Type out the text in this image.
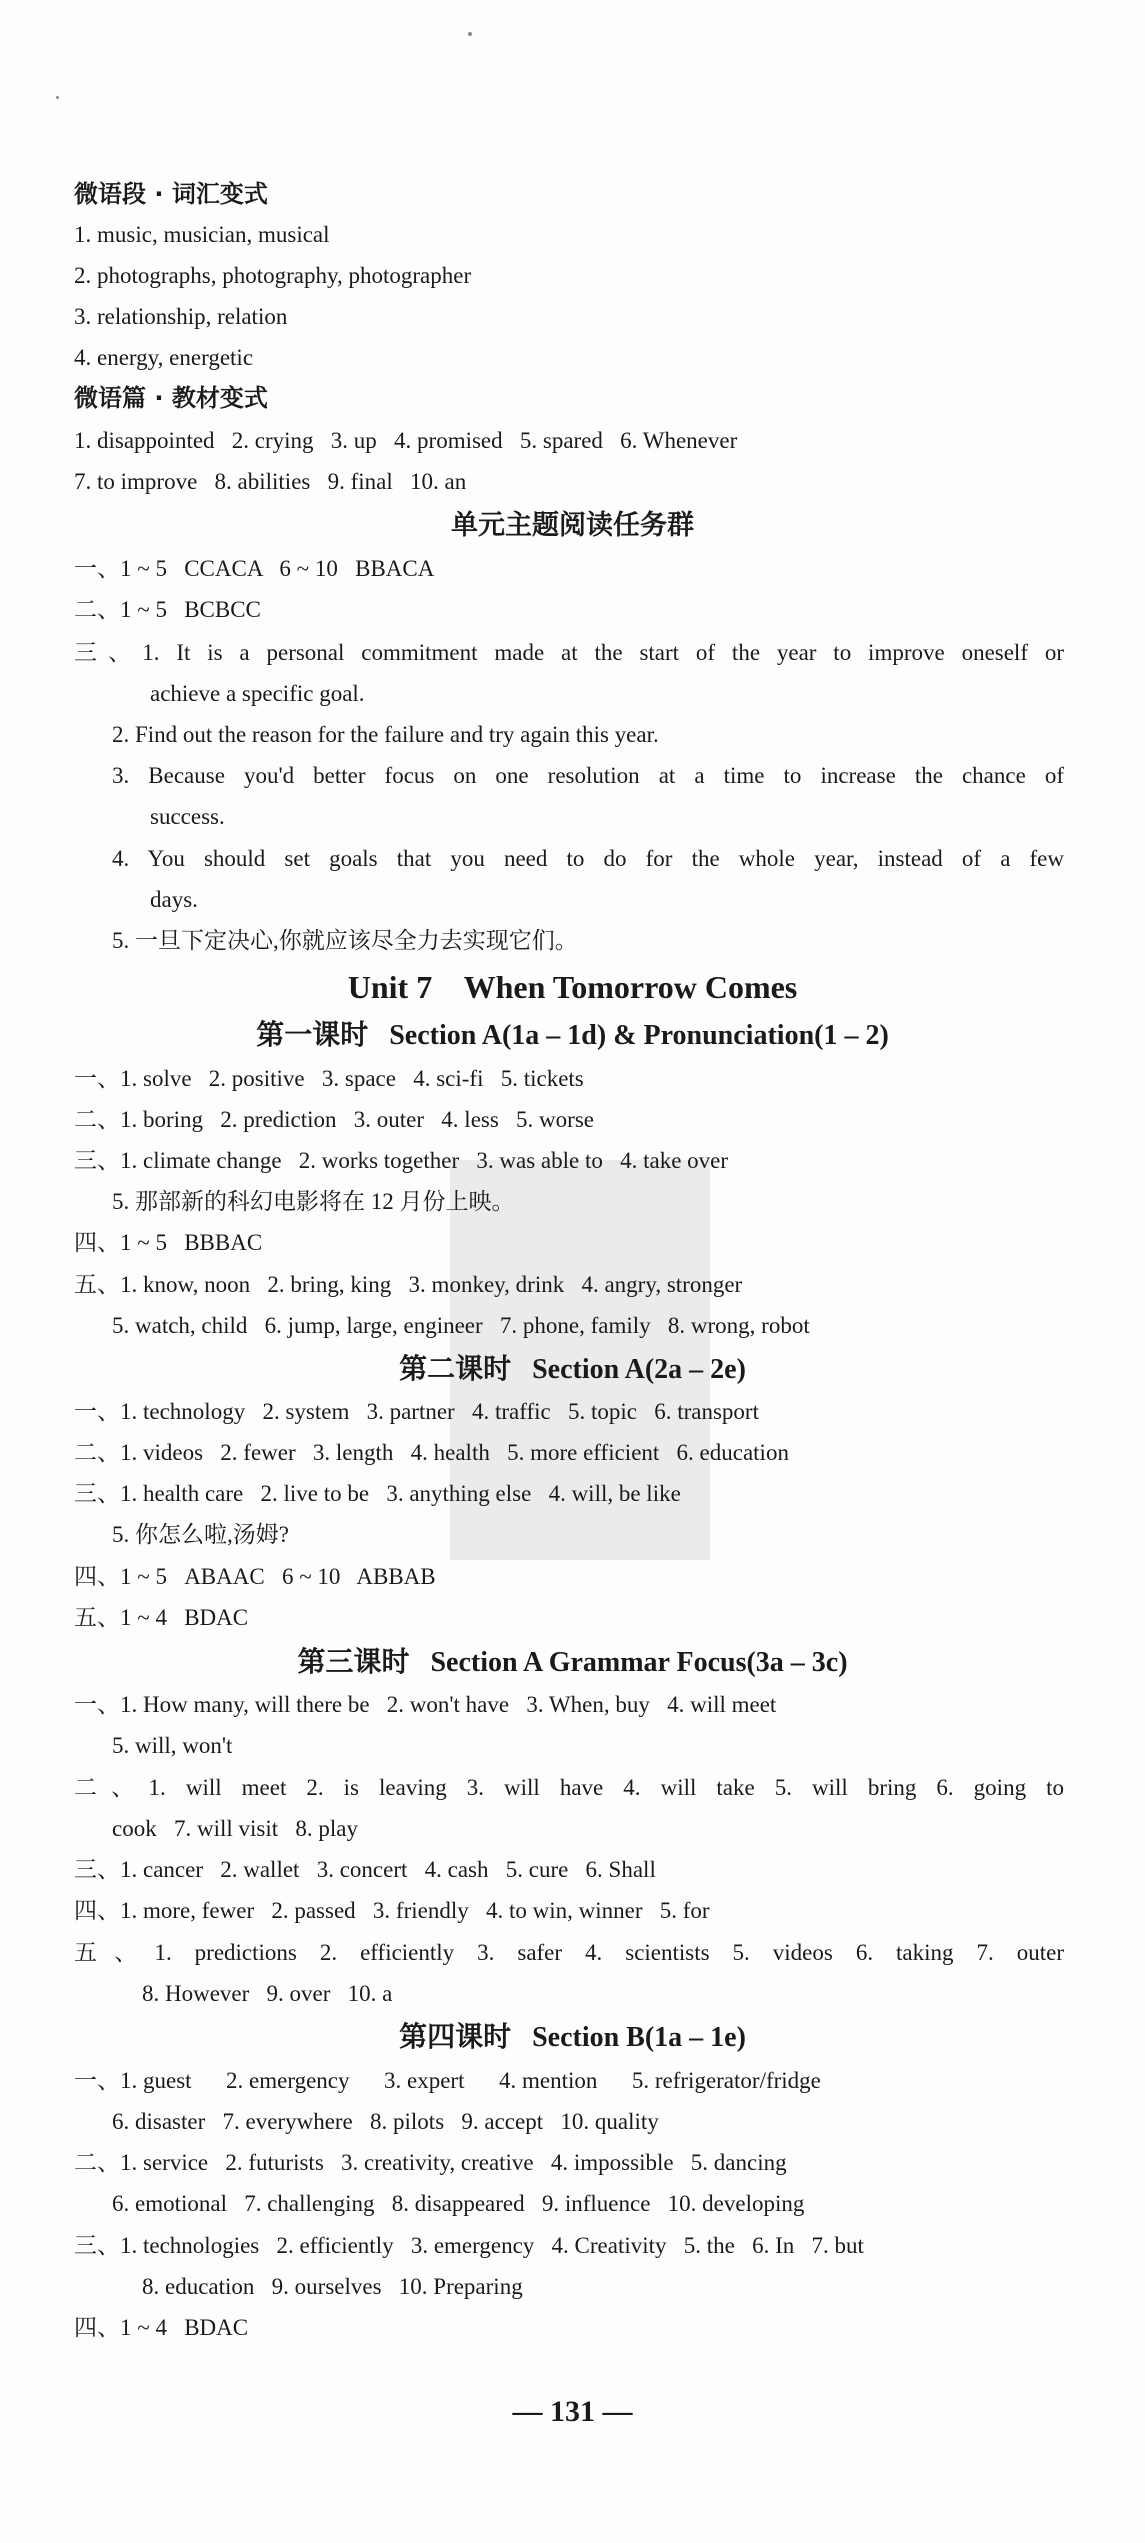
微语段 · 词汇变式
1. music, musician, musical
2. photographs, photography, photographer
3. relationship, relation
4. energy, energetic
微语篇 · 教材变式
1. disappointed   2. crying   3. up   4. promised   5. spared   6. Whenever
7. to improve   8. abilities   9. final   10. an
单元主题阅读任务群
一、1 ~ 5   CCACA   6 ~ 10   BBACA
二、1 ~ 5   BCBCC
三、1. It is a personal commitment made at the start of the year to improve oneself or
achieve a specific goal.
2. Find out the reason for the failure and try again this year.
3. Because you'd better focus on one resolution at a time to increase the chance of
success.
4. You should set goals that you need to do for the whole year, instead of a few
days.
5. 一旦下定决心,你就应该尽全力去实现它们。
Unit 7    When Tomorrow Comes
第一课时   Section A(1a – 1d) & Pronunciation(1 – 2)
一、1. solve   2. positive   3. space   4. sci-fi   5. tickets
二、1. boring   2. prediction   3. outer   4. less   5. worse
三、1. climate change   2. works together   3. was able to   4. take over
5. 那部新的科幻电影将在 12 月份上映。
四、1 ~ 5   BBBAC
五、1. know, noon   2. bring, king   3. monkey, drink   4. angry, stronger
5. watch, child   6. jump, large, engineer   7. phone, family   8. wrong, robot
第二课时   Section A(2a – 2e)
一、1. technology   2. system   3. partner   4. traffic   5. topic   6. transport
二、1. videos   2. fewer   3. length   4. health   5. more efficient   6. education
三、1. health care   2. live to be   3. anything else   4. will, be like
5. 你怎么啦,汤姆?
四、1 ~ 5   ABAAC   6 ~ 10   ABBAB
五、1 ~ 4   BDAC
第三课时   Section A Grammar Focus(3a – 3c)
一、1. How many, will there be   2. won't have   3. When, buy   4. will meet
5. will, won't
二、1. will meet 2. is leaving 3. will have 4. will take 5. will bring 6. going to
cook   7. will visit   8. play
三、1. cancer   2. wallet   3. concert   4. cash   5. cure   6. Shall
四、1. more, fewer   2. passed   3. friendly   4. to win, winner   5. for
五、1. predictions 2. efficiently 3. safer 4. scientists 5. videos 6. taking 7. outer
8. However   9. over   10. a
第四课时   Section B(1a – 1e)
一、1. guest      2. emergency      3. expert      4. mention      5. refrigerator/fridge
6. disaster   7. everywhere   8. pilots   9. accept   10. quality
二、1. service   2. futurists   3. creativity, creative   4. impossible   5. dancing
6. emotional   7. challenging   8. disappeared   9. influence   10. developing
三、1. technologies   2. efficiently   3. emergency   4. Creativity   5. the   6. In   7. but
8. education   9. ourselves   10. Preparing
四、1 ~ 4   BDAC
— 131 —
